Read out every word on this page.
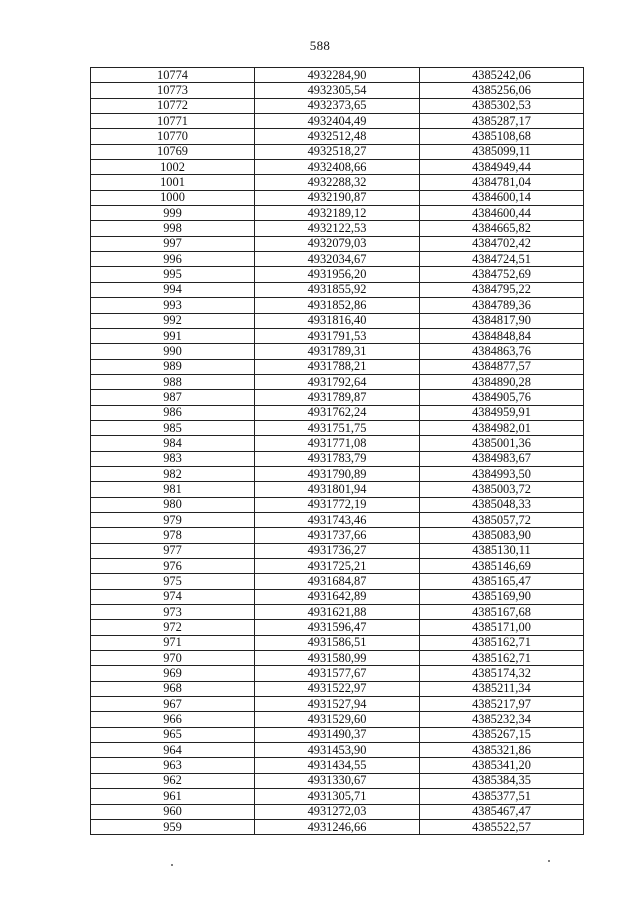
588
10774	4932284,90	4385242,06
10773	4932305,54	4385256,06
10772	4932373,65	4385302,53
10771	4932404,49	4385287,17
10770	4932512,48	4385108,68
10769	4932518,27	4385099,11
1002	4932408,66	4384949,44
1001	4932288,32	4384781,04
1000	4932190,87	4384600,14
999	4932189,12	4384600,44
998	4932122,53	4384665,82
997	4932079,03	4384702,42
996	4932034,67	4384724,51
995	4931956,20	4384752,69
994	4931855,92	4384795,22
993	4931852,86	4384789,36
992	4931816,40	4384817,90
991	4931791,53	4384848,84
990	4931789,31	4384863,76
989	4931788,21	4384877,57
988	4931792,64	4384890,28
987	4931789,87	4384905,76
986	4931762,24	4384959,91
985	4931751,75	4384982,01
984	4931771,08	4385001,36
983	4931783,79	4384983,67
982	4931790,89	4384993,50
981	4931801,94	4385003,72
980	4931772,19	4385048,33
979	4931743,46	4385057,72
978	4931737,66	4385083,90
977	4931736,27	4385130,11
976	4931725,21	4385146,69
975	4931684,87	4385165,47
974	4931642,89	4385169,90
973	4931621,88	4385167,68
972	4931596,47	4385171,00
971	4931586,51	4385162,71
970	4931580,99	4385162,71
969	4931577,67	4385174,32
968	4931522,97	4385211,34
967	4931527,94	4385217,97
966	4931529,60	4385232,34
965	4931490,37	4385267,15
964	4931453,90	4385321,86
963	4931434,55	4385341,20
962	4931330,67	4385384,35
961	4931305,71	4385377,51
960	4931272,03	4385467,47
959	4931246,66	4385522,57
